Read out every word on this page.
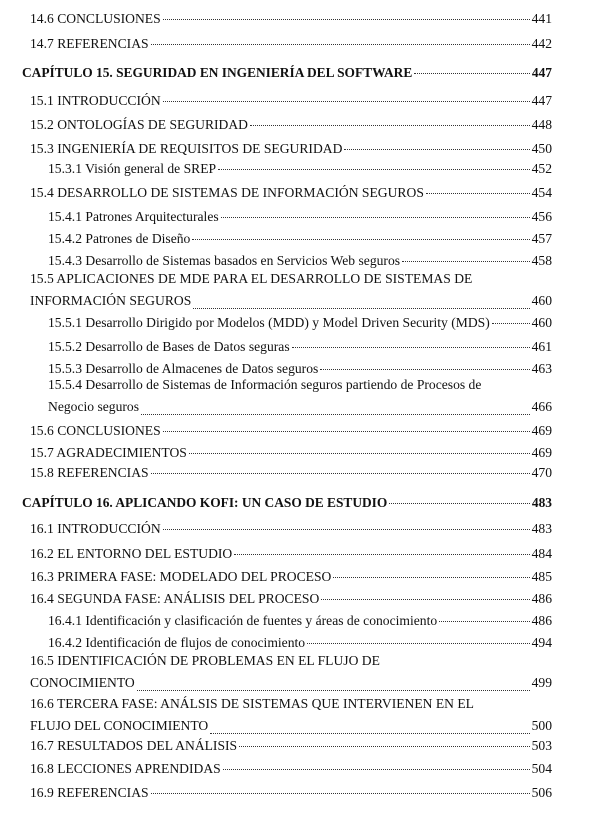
14.6 CONCLUSIONES	441
14.7 REFERENCIAS	442
CAPÍTULO 15. SEGURIDAD EN INGENIERÍA DEL SOFTWARE	447
15.1 INTRODUCCIÓN	447
15.2 ONTOLOGÍAS DE SEGURIDAD	448
15.3 INGENIERÍA DE REQUISITOS DE SEGURIDAD	450
15.3.1 Visión general de SREP	452
15.4 DESARROLLO DE SISTEMAS DE INFORMACIÓN SEGUROS	454
15.4.1 Patrones Arquitecturales	456
15.4.2 Patrones de Diseño	457
15.4.3 Desarrollo de Sistemas basados en Servicios Web seguros	458
15.5 APLICACIONES DE MDE PARA EL DESARROLLO DE SISTEMAS DE
INFORMACIÓN SEGUROS	460
15.5.1 Desarrollo Dirigido por Modelos (MDD) y Model Driven Security (MDS)	460
15.5.2 Desarrollo de Bases de Datos seguras	461
15.5.3 Desarrollo de Almacenes de Datos seguros	463
15.5.4 Desarrollo de Sistemas de Información seguros partiendo de Procesos de
Negocio seguros	466
15.6 CONCLUSIONES	469
15.7 AGRADECIMIENTOS	469
15.8 REFERENCIAS	470
CAPÍTULO 16. APLICANDO KOFI: UN CASO DE ESTUDIO	483
16.1 INTRODUCCIÓN	483
16.2 EL ENTORNO DEL ESTUDIO	484
16.3 PRIMERA FASE: MODELADO DEL PROCESO	485
16.4 SEGUNDA FASE: ANÁLISIS DEL PROCESO	486
16.4.1 Identificación y clasificación de fuentes y áreas de conocimiento	486
16.4.2 Identificación de flujos de conocimiento	494
16.5 IDENTIFICACIÓN DE PROBLEMAS EN EL FLUJO DE
CONOCIMIENTO	499
16.6 TERCERA FASE: ANÁLSIS DE SISTEMAS QUE INTERVIENEN EN EL
FLUJO DEL CONOCIMIENTO	500
16.7 RESULTADOS DEL ANÁLISIS	503
16.8 LECCIONES APRENDIDAS	504
16.9 REFERENCIAS	506
